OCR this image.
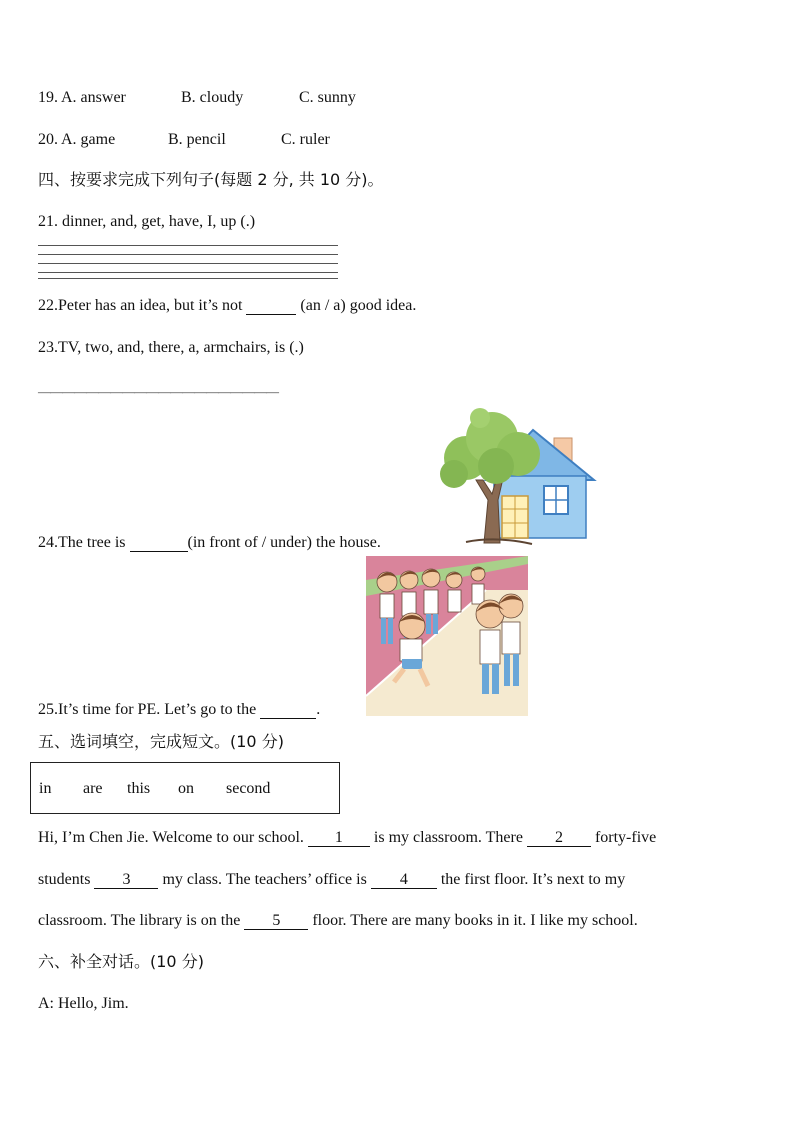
19. A. answer	B. cloudy	C. sunny
20. A. game	B. pencil	C. ruler
四、按要求完成下列句子(每题 2 分, 共 10 分)。
21. dinner, and, get, have, I, up (.)
22.Peter has an idea, but it’s not	(an / a) good idea.
23.TV, two, and, there, a, armchairs, is (.)
————————————————————
24.The tree is	(in front of / under) the house.
25.It’s time for PE. Let’s go to the	.
五、选词填空，完成短文。(10 分)
in are this on second
Hi, I’m Chen Jie. Welcome to our school. 1 is my classroom. There 2 forty-five
students 3 my class. The teachers’ office is 4 the first floor. It’s next to my
classroom. The library is on the 5 floor. There are many books in it. I like my school.
六、补全对话。(10 分)
A: Hello, Jim.
